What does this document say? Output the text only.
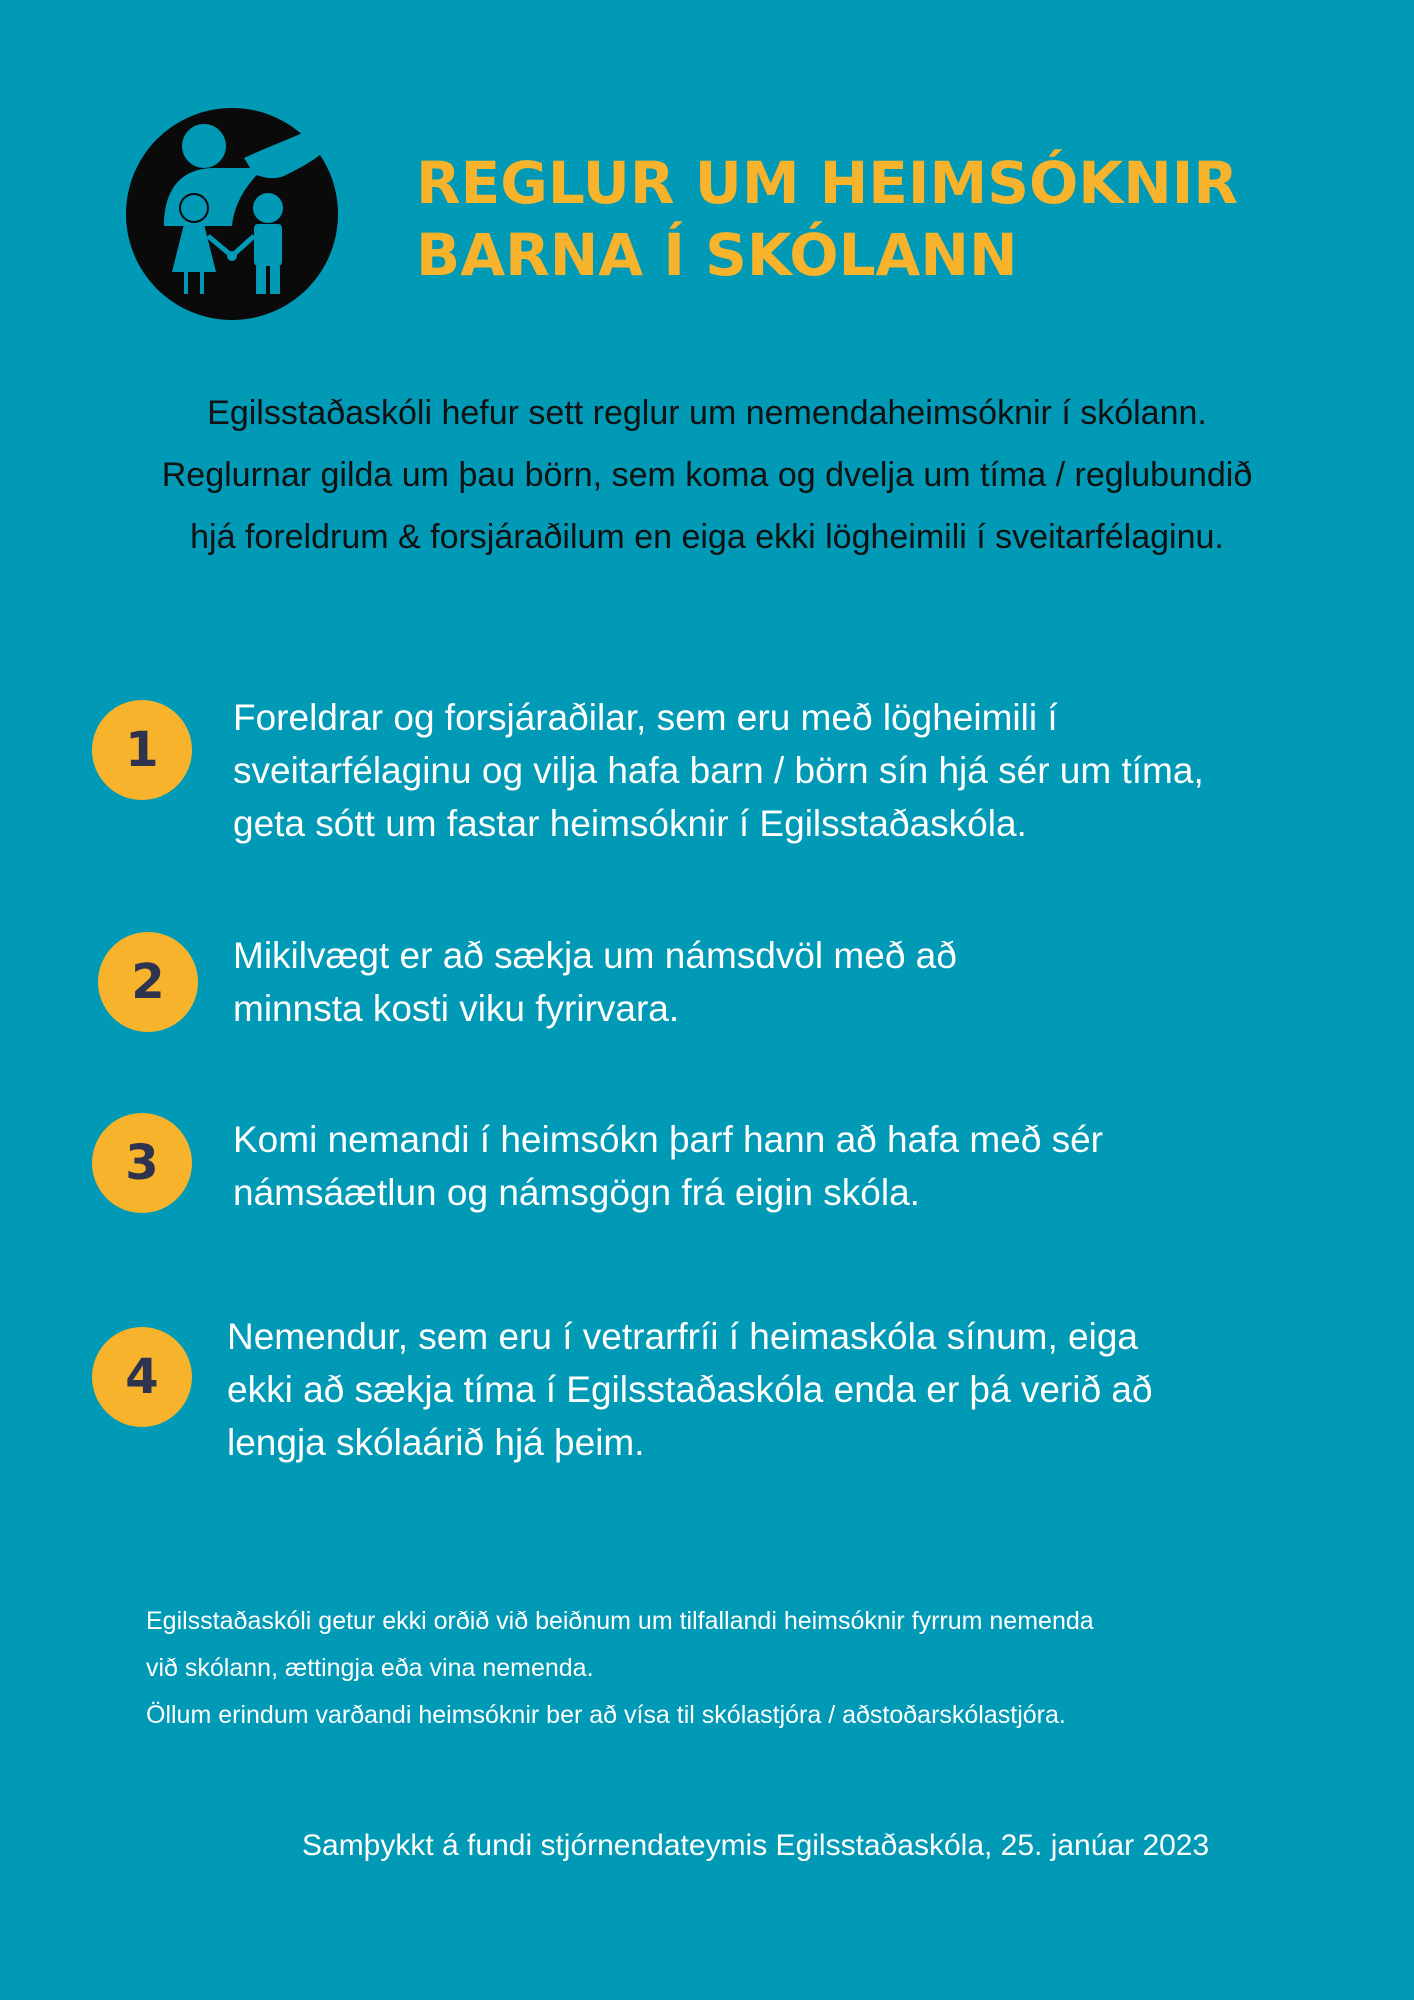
REGLUR UM HEIMSÓKNIR
BARNA Í SKÓLANN
Egilsstaðaskóli hefur sett reglur um nemendaheimsóknir í skólann.
Reglurnar gilda um þau börn, sem koma og dvelja um tíma / reglubundið
hjá foreldrum & forsjáraðilum en eiga ekki lögheimili í sveitarfélaginu.
1
Foreldrar og forsjáraðilar, sem eru með lögheimili í
sveitarfélaginu og vilja hafa barn / börn sín hjá sér um tíma,
geta sótt um fastar heimsóknir í Egilsstaðaskóla.
2	Mikilvægt er að sækja um námsdvöl með að
minnsta kosti viku fyrirvara.
3	Komi nemandi í heimsókn þarf hann að hafa með sér
námsáætlun og námsgögn frá eigin skóla.
4
Nemendur, sem eru í vetrarfríi í heimaskóla sínum, eiga
ekki að sækja tíma í Egilsstaðaskóla enda er þá verið að
lengja skólaárið hjá þeim.
Egilsstaðaskóli getur ekki orðið við beiðnum um tilfallandi heimsóknir fyrrum nemenda
við skólann, ættingja eða vina nemenda.
Öllum erindum varðandi heimsóknir ber að vísa til skólastjóra / aðstoðarskólastjóra.
Samþykkt á fundi stjórnendateymis Egilsstaðaskóla, 25. janúar 2023
